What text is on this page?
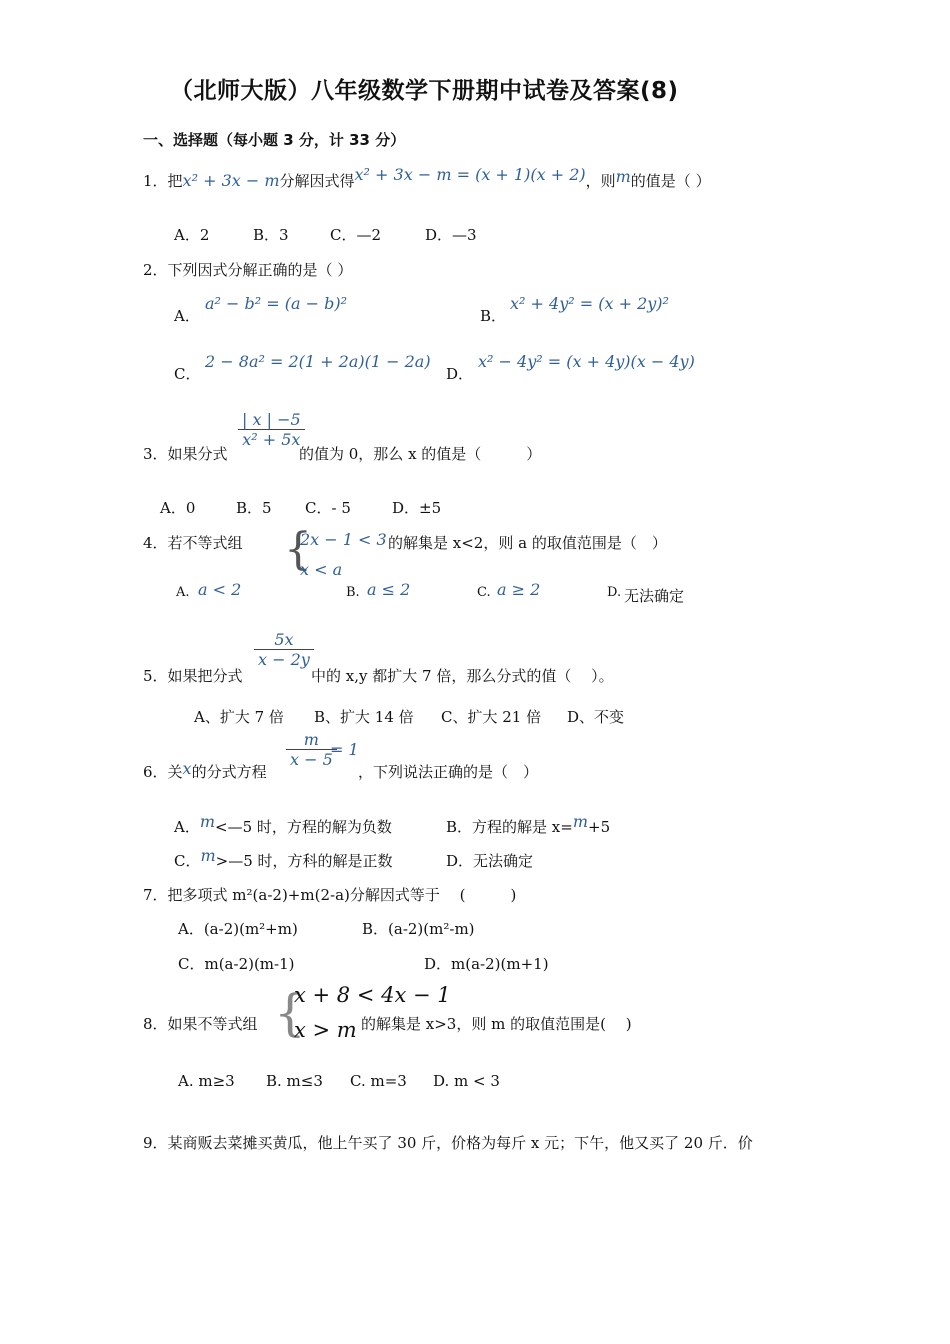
（北师大版）八年级数学下册期中试卷及答案(8)
一、选择题（每小题 3 分，计 33 分）
1．把x² + 3x − m分解因式得x² + 3x − m = (x + 1)(x + 2)，则m的值是（ ）
A．2	B．3	C．—2	D．—3
2．下列因式分解正确的是（ ）
A．
a² − b² = (a − b)²
B．
x² + 4y² = (x + 2y)²
C．
2 − 8a² = 2(1 + 2a)(1 − 2a)
D．
x² − 4y² = (x + 4y)(x − 4y)
3．如果分式
$\frac{| x | -5}{\text{x² + 5x}}$
的值为 0，那么 x 的值是（　　　）
A．0	B．5 C．- 5	D．±5
4．若不等式组 {
2x − 1 < 3
x < a
的解集是 x<2，则 a 的取值范围是（　）
A. a < 2	B. a ≤ 2	C. a ≥ 2	D. 无法确定
5．如果把分式
$\frac{5x}{x - 2y}$
中的 x,y 都扩大 7 倍，那么分式的值（　 ）。
A、扩大 7 倍 B、扩大 14 倍 C、扩大 21 倍 D、不变
6．关x的分式方程
$\frac{m}{x - 5}$
= 1
，下列说法正确的是（　）
A．m<—5 时，方程的解为负数	B．方程的解是 x=m+5
C．m>—5 时，方科的解是正数	D．无法确定
7．把多项式 m²(a-2)+m(2-a)分解因式等于　 (　　　)
A．(a-2)(m²+m)	B．(a-2)(m²-m)
C．m(a-2)(m-1)	D．m(a-2)(m+1)
8．如果不等式组 {
x + 8 < 4x − 1
x > m 的解集是 x>3，则 m 的取值范围是(　 )
A. m≥3 B. m≤3 C. m=3 D. m < 3
9．某商贩去菜摊买黄瓜，他上午买了 30 斤，价格为每斤 x 元；下午，他又买了 20 斤．价
